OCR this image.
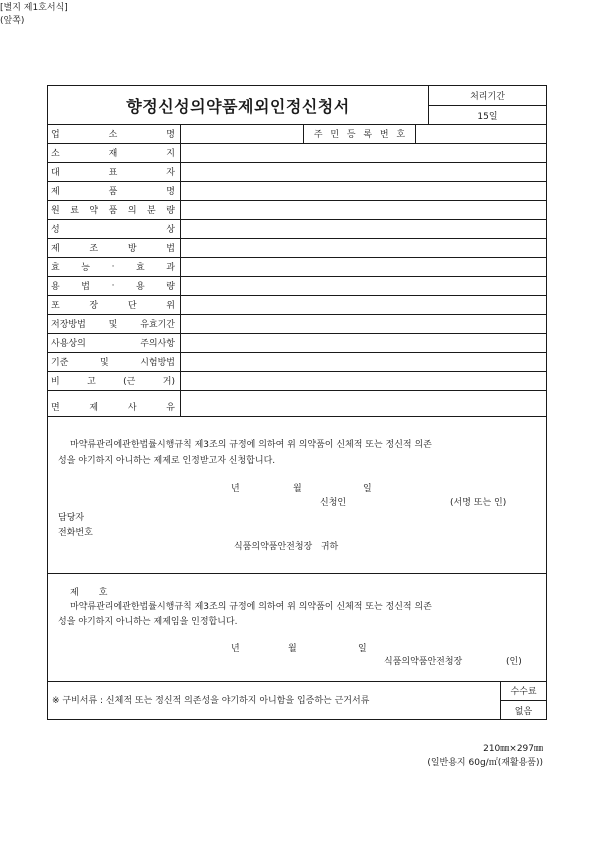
[별지 제1호서식]
(앞쪽)
향정신성의약품제외인정신청서	처리기간
15일
업	소	명	주 민 등 록 번 호
소	재	지
대	표	자
제	품	명
원 료 약 품 의 분 량
성	상
제	조	방	법
효 능 · 효 과
용 법 · 용 량
포	장	단	위
저장방법	및	유효기간
사용상의	주의사항
기준	및	시험방법
비	고	(근	거)
면	제	사	유
마약류관리에관한법률시행규칙 제3조의 규정에 의하여 위 의약품이 신체적 또는 정신적 의존
성을 야기하지 아니하는 제제로 인정받고자 신청합니다.
년	월	일
신청인	(서명 또는 인)
담당자
전화번호
식품의약품안전청장   귀하
제       호
마약류관리에관한법률시행규칙 제3조의 규정에 의하여 위 의약품이 신체적 또는 정신적 의존
성을 야기하지 아니하는 제제임을 인정합니다.
년	월	일
식품의약품안전청장	(인)
※ 구비서류 : 신체적 또는 정신적 의존성을 야기하지 아니함을 입증하는 근거서류
수수료
없음
210㎜×297㎜
(일반용지 60g/㎡(재활용품))
